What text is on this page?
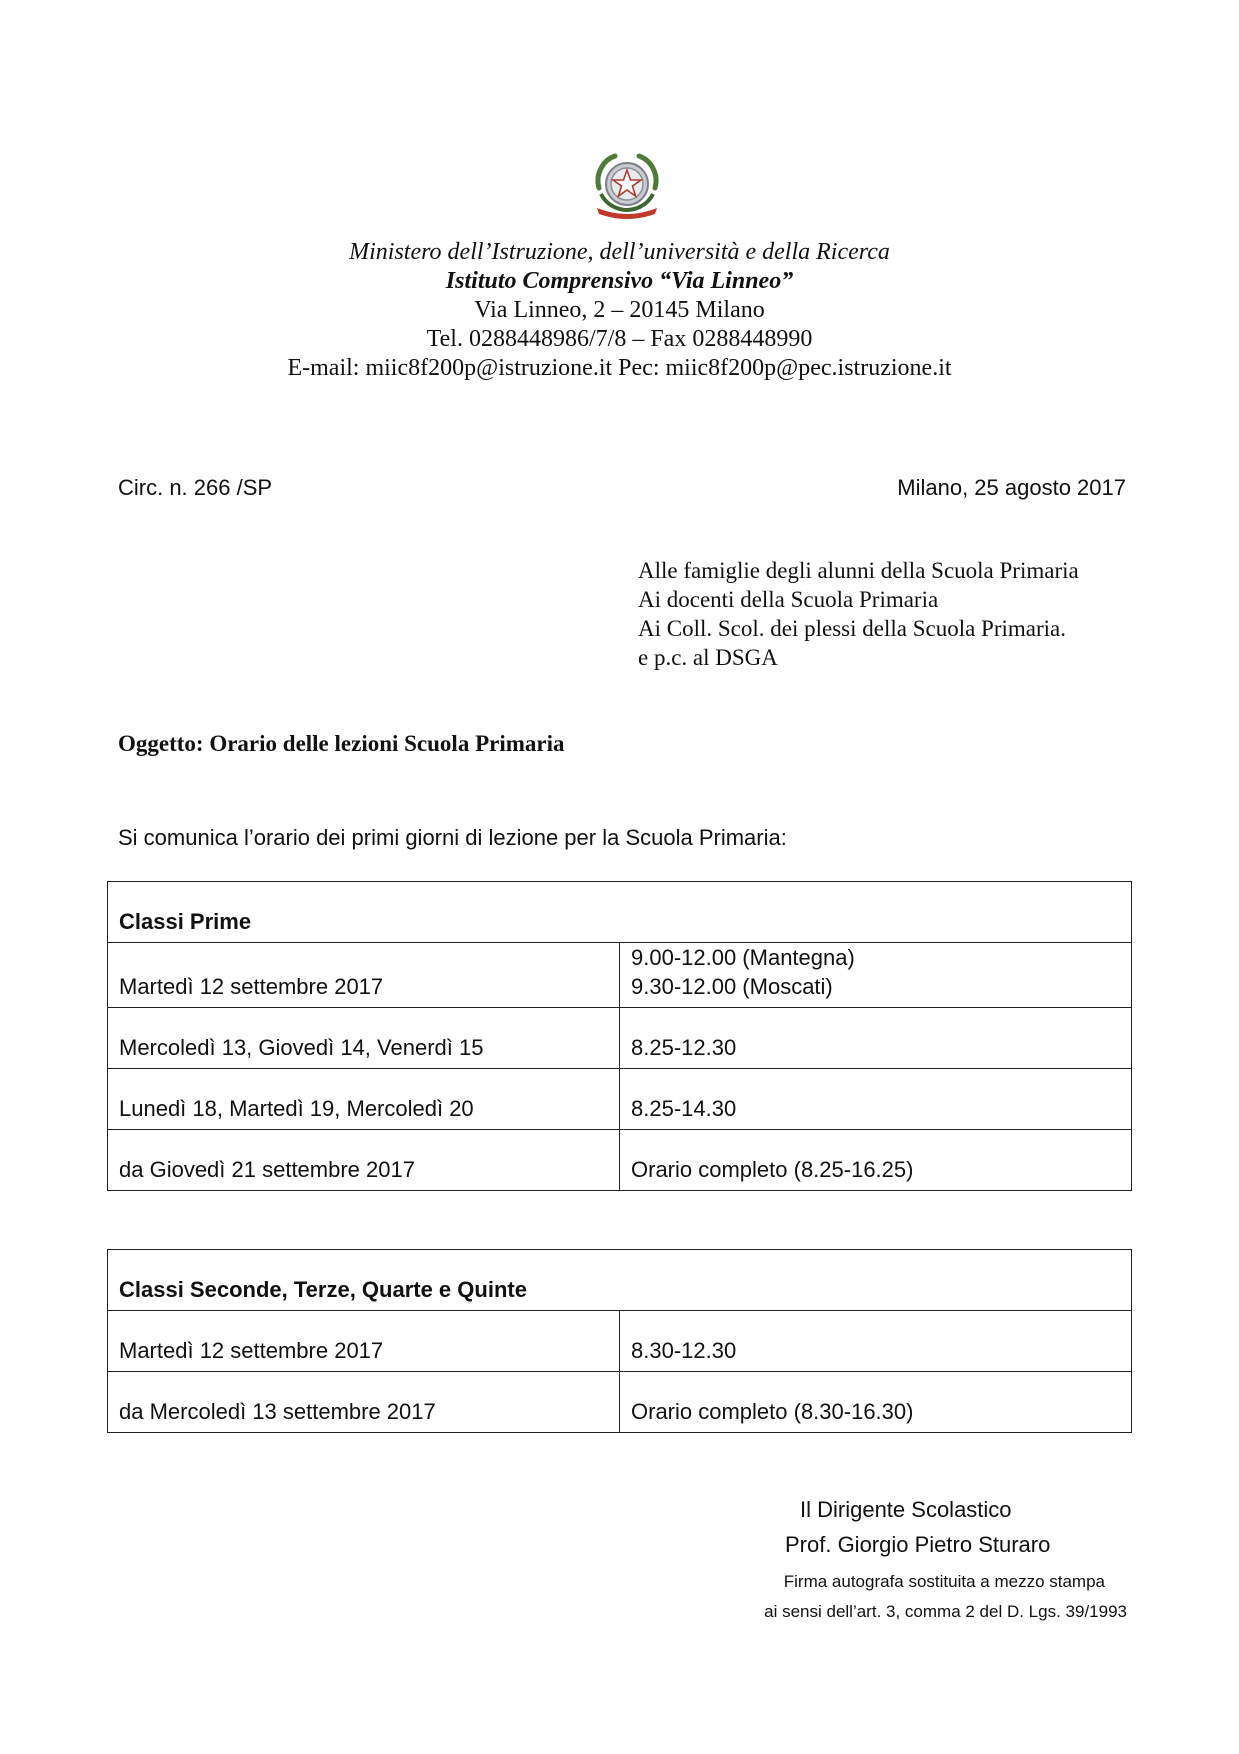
Ministero dell’Istruzione, dell’università e della Ricerca
Istituto Comprensivo “Via Linneo”
Via Linneo, 2 – 20145 Milano
Tel. 0288448986/7/8 – Fax 0288448990
E-mail: miic8f200p@istruzione.it Pec: miic8f200p@pec.istruzione.it
Circ. n. 266 /SP	Milano, 25 agosto 2017
Alle famiglie degli alunni della Scuola Primaria
Ai docenti della Scuola Primaria
Ai Coll. Scol. dei plessi della Scuola Primaria.
e p.c. al DSGA
Oggetto: Orario delle lezioni Scuola Primaria
Si comunica l’orario dei primi giorni di lezione per la Scuola Primaria:
Classi Prime	
Martedì 12 settembre 2017	9.00-12.00 (Mantegna)
9.30-12.00 (Moscati)

Mercoledì 13, Giovedì 14, Venerdì 15	8.25-12.30
Lunedì 18, Martedì 19, Mercoledì 20	8.25-14.30
da Giovedì 21 settembre 2017	Orario completo (8.25-16.25)
Classi Seconde, Terze, Quarte e Quinte	
Martedì 12 settembre 2017	8.30-12.30
da Mercoledì 13 settembre 2017	Orario completo (8.30-16.30)
Il Dirigente Scolastico
Prof. Giorgio Pietro Sturaro
Firma autografa sostituita a mezzo stampa
ai sensi dell’art. 3, comma 2 del D. Lgs. 39/1993
